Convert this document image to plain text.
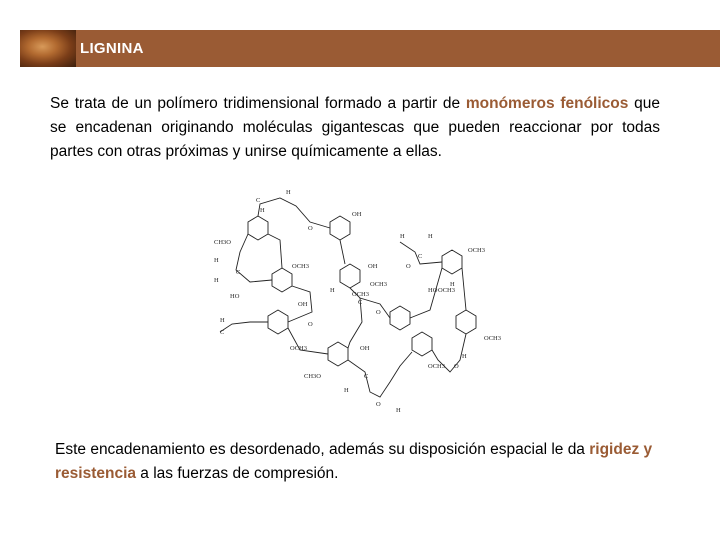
LIGNINA
Se trata de un polímero tridimensional formado a partir de monómeros fenólicos que se encadenan originando moléculas gigantescas que pueden reaccionar por todas partes con otras próximas y unirse químicamente a ellas.
CH3O
HO
OCH3
OH
OH
OH
OCH3
OCH3
OCH3
CH3O
HO
OCH3
OCH3
OCH3
OCH3
OH
O
O
O
O
O
O
C
C
C
C
C
C
H
H
H
H
H
H
H	H
H
H
H
H
Este encadenamiento es desordenado, además su disposición espacial le da rigidez y resistencia a las fuerzas de compresión.
